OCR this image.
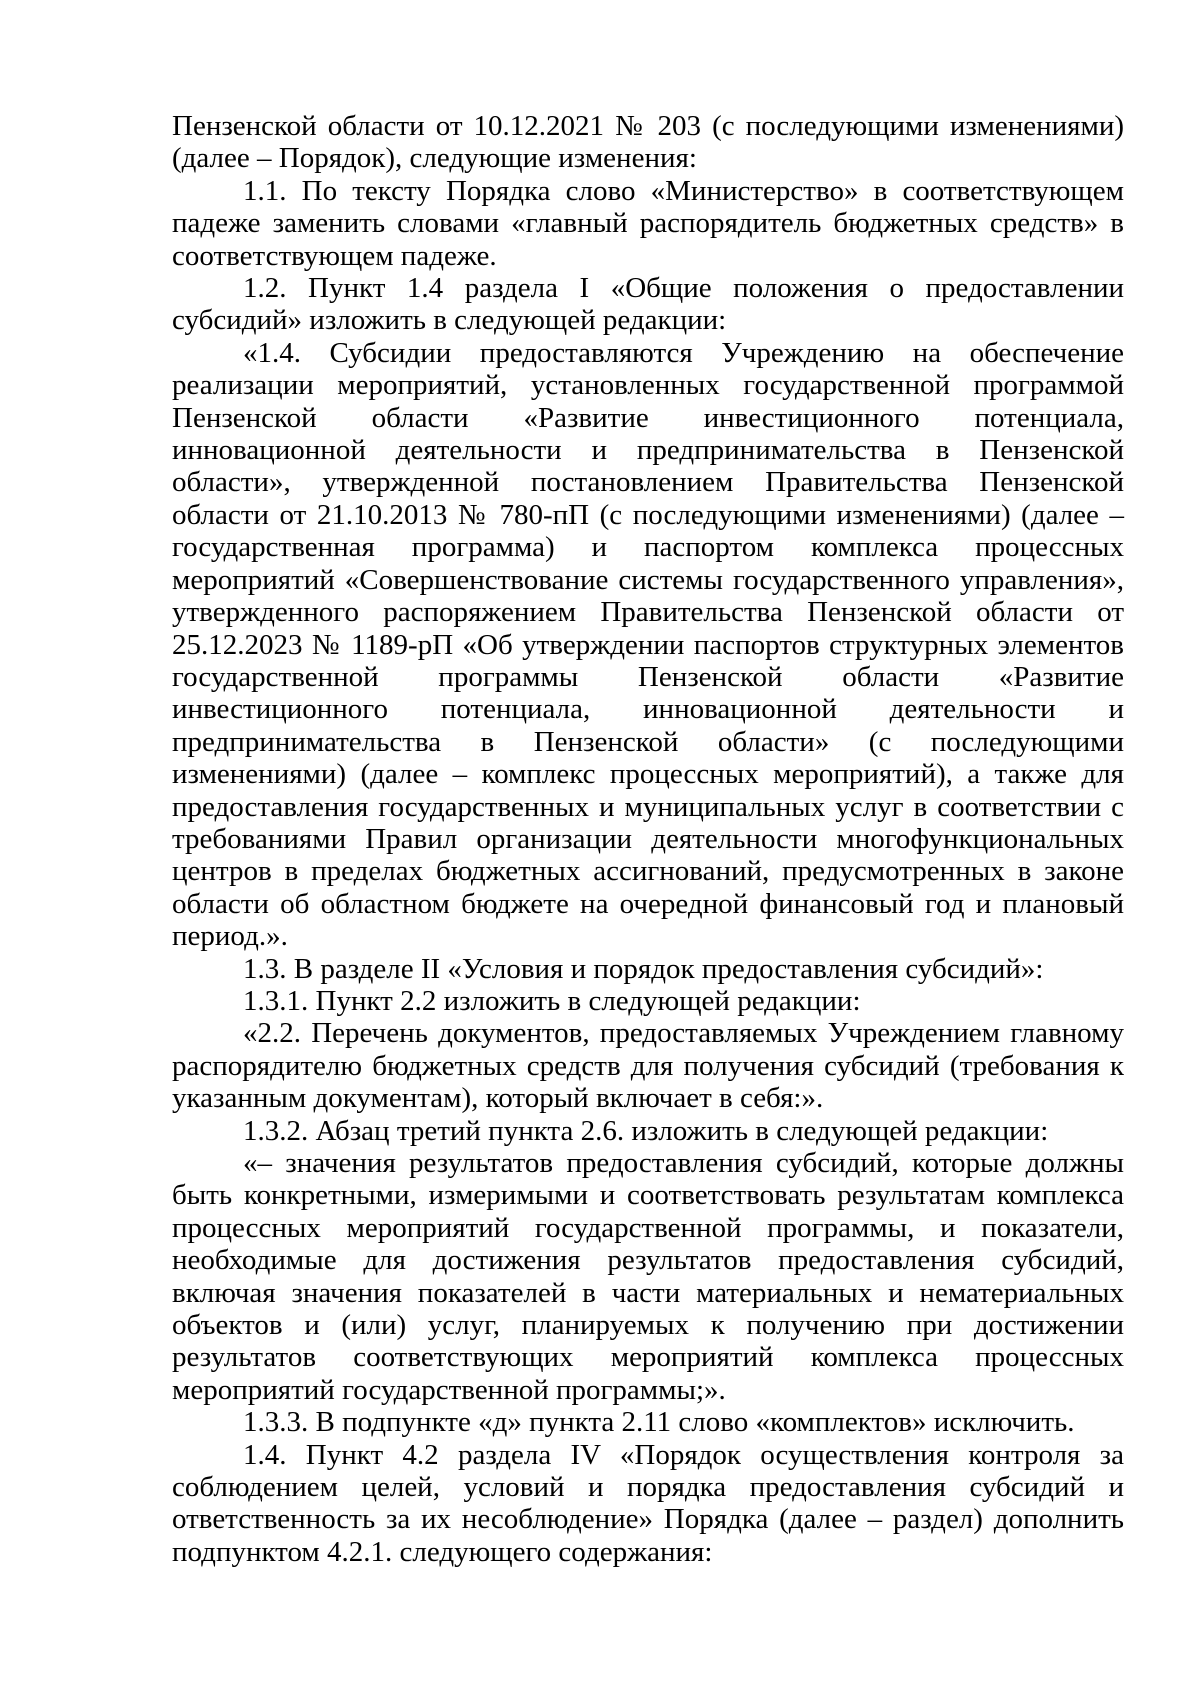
Пензенской области от 10.12.2021 № 203 (с последующими изменениями) (далее – Порядок), следующие изменения:

1.1. По тексту Порядка слово «Министерство» в соответствующем падеже заменить словами «главный распорядитель бюджетных средств» в соответствующем падеже.

1.2. Пункт 1.4 раздела I «Общие положения о предоставлении субсидий» изложить в следующей редакции:

«1.4. Субсидии предоставляются Учреждению на обеспечение реализации мероприятий, установленных государственной программой Пензенской области «Развитие инвестиционного потенциала, инновационной деятельности и предпринимательства в Пензенской области», утвержденной постановлением Правительства Пензенской области от 21.10.2013 № 780-пП (с последующими изменениями) (далее – государственная программа) и паспортом комплекса процессных мероприятий «Совершенствование системы государственного управления», утвержденного распоряжением Правительства Пензенской области от 25.12.2023 № 1189-рП «Об утверждении паспортов структурных элементов государственной программы Пензенской области «Развитие инвестиционного потенциала, инновационной деятельности и предпринимательства в Пензенской области» (с последующими изменениями) (далее – комплекс процессных мероприятий), а также для предоставления государственных и муниципальных услуг в соответствии с требованиями Правил организации деятельности многофункциональных центров в пределах бюджетных ассигнований, предусмотренных в законе области об областном бюджете на очередной финансовый год и плановый период.».

1.3. В разделе II «Условия и порядок предоставления субсидий»:

1.3.1. Пункт 2.2 изложить в следующей редакции:

«2.2. Перечень документов, предоставляемых Учреждением главному распорядителю бюджетных средств для получения субсидий (требования к указанным документам), который включает в себя:».

1.3.2. Абзац третий пункта 2.6. изложить в следующей редакции:

«– значения результатов предоставления субсидий, которые должны быть конкретными, измеримыми и соответствовать результатам комплекса процессных мероприятий государственной программы, и показатели, необходимые для достижения результатов предоставления субсидий, включая значения показателей в части материальных и нематериальных объектов и (или) услуг, планируемых к получению при достижении результатов соответствующих мероприятий комплекса процессных мероприятий государственной программы;».

1.3.3. В подпункте «д» пункта 2.11 слово «комплектов» исключить.

1.4. Пункт 4.2 раздела IV «Порядок осуществления контроля за соблюдением целей, условий и порядка предоставления субсидий и ответственность за их несоблюдение» Порядка (далее – раздел) дополнить подпунктом 4.2.1. следующего содержания:
